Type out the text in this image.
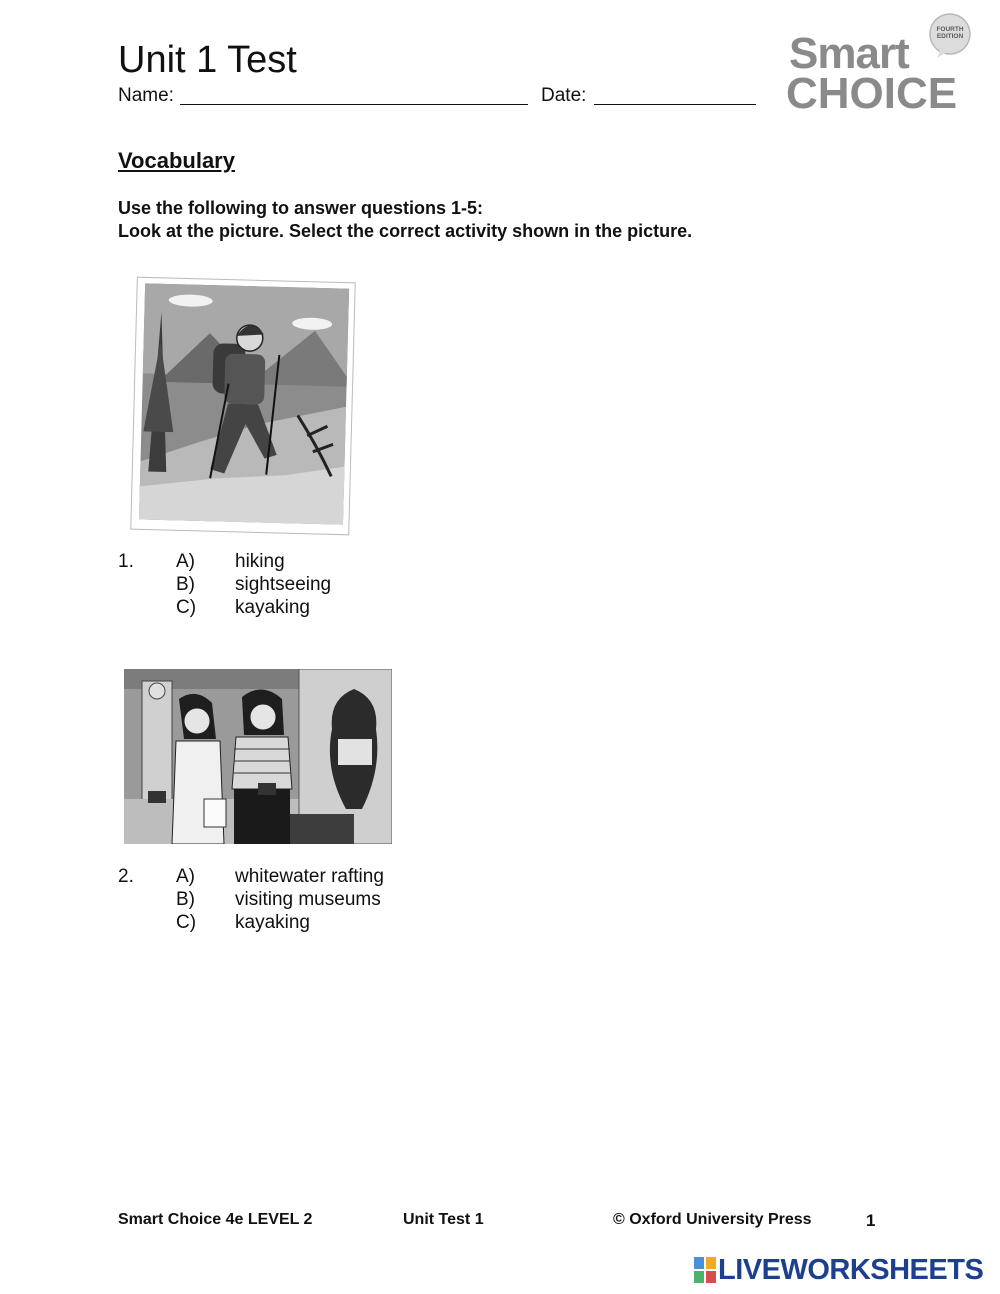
Unit 1 Test
Name:	Date:
FOURTH
EDITION
Smart
CHOICE
Vocabulary
Use the following to answer questions 1-5:
Look at the picture. Select the correct activity shown in the picture.
1. A) hiking
B) sightseeing
C) kayaking
2. A) whitewater rafting
B) visiting museums
C) kayaking
Smart Choice 4e LEVEL 2	Unit Test 1	© Oxford University Press	1
LIVEWORKSHEETS
